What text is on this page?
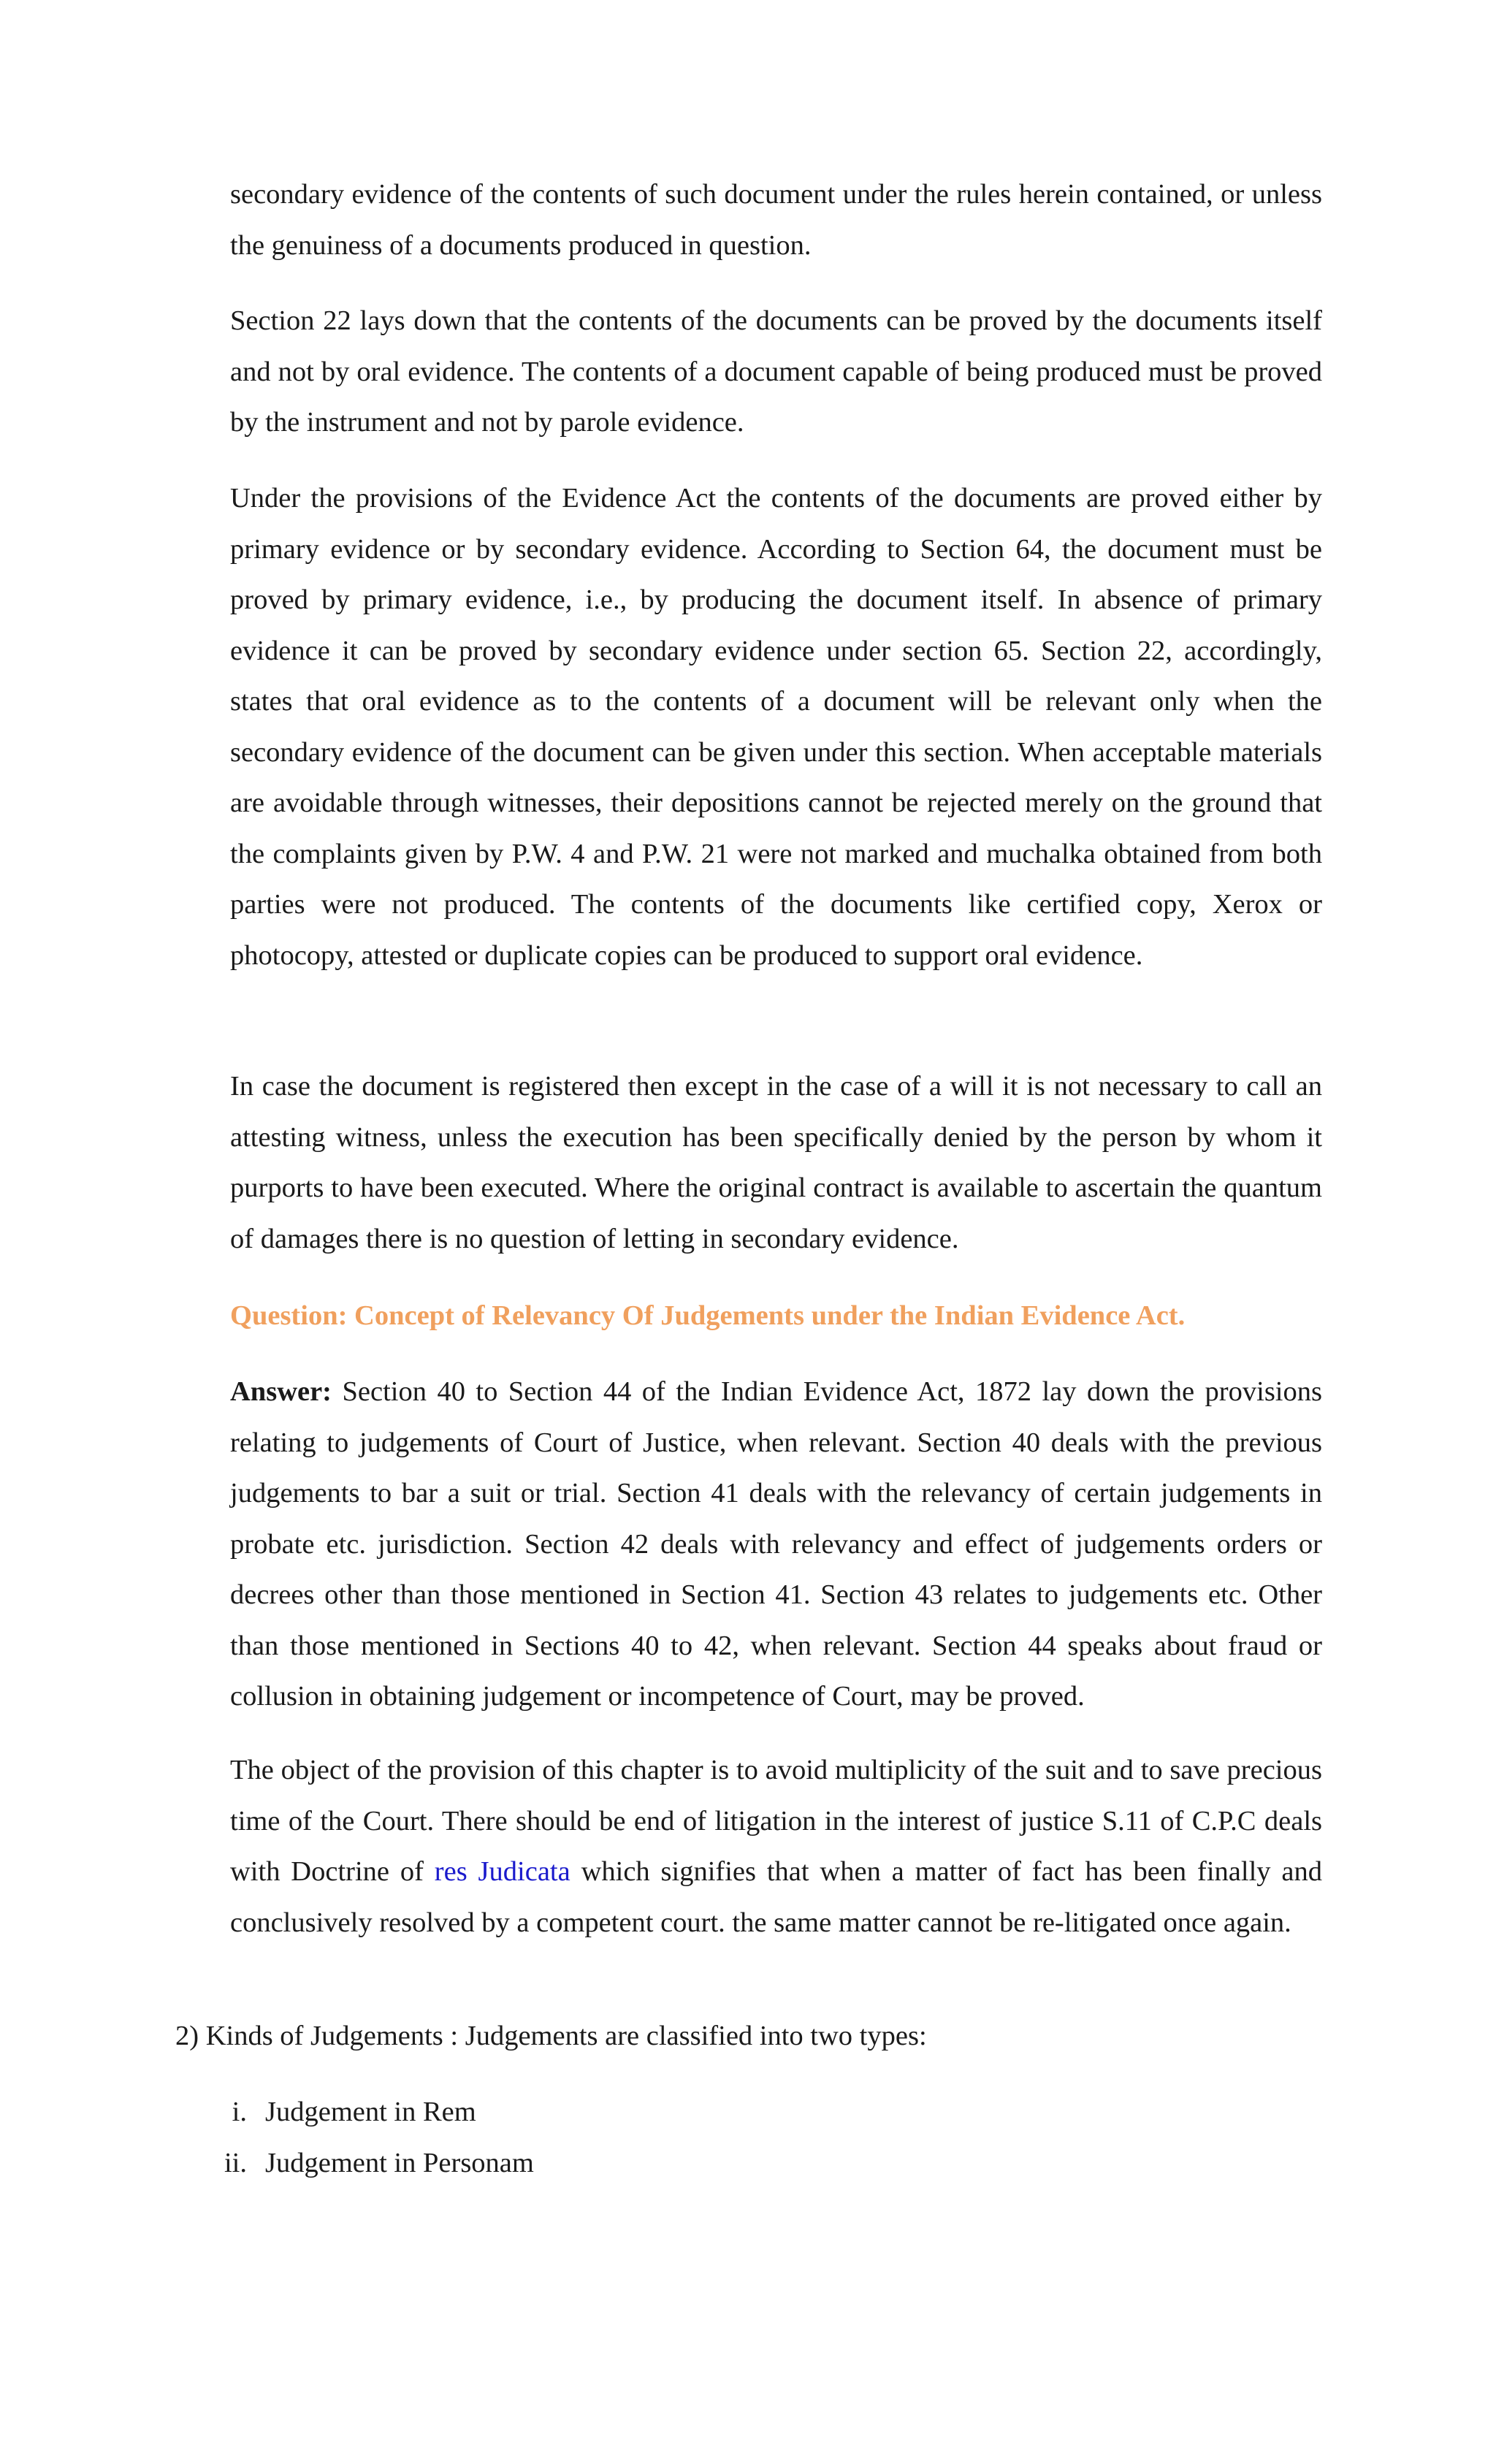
secondary evidence of the contents of such document under the rules herein contained, or unless the genuiness of a documents produced in question.

Section 22 lays down that the contents of the documents can be proved by the documents itself and not by oral evidence. The contents of a document capable of being produced must be proved by the instrument and not by parole evidence.

Under the provisions of the Evidence Act the contents of the documents are proved either by primary evidence or by secondary evidence. According to Section 64, the document must be proved by primary evidence, i.e., by producing the document itself. In absence of primary evidence it can be proved by secondary evidence under section 65. Section 22, accordingly, states that oral evidence as to the contents of a document will be relevant only when the secondary evidence of the document can be given under this section. When acceptable materials are avoidable through witnesses, their depositions cannot be rejected merely on the ground that the complaints given by P.W. 4 and P.W. 21 were not marked and muchalka obtained from both parties were not produced. The contents of the documents like certified copy, Xerox or photocopy, attested or duplicate copies can be produced to support oral evidence.

In case the document is registered then except in the case of a will it is not necessary to call an attesting witness, unless the execution has been specifically denied by the person by whom it purports to have been executed. Where the original contract is available to ascertain the quantum of damages there is no question of letting in secondary evidence.

Question: Concept of Relevancy Of Judgements under the Indian Evidence Act.

Answer: Section 40 to Section 44 of the Indian Evidence Act, 1872 lay down the provisions relating to judgements of Court of Justice, when relevant. Section 40 deals with the previous judgements to bar a suit or trial. Section 41 deals with the relevancy of certain judgements in probate etc. jurisdiction. Section 42 deals with relevancy and effect of judgements orders or decrees other than those mentioned in Section 41. Section 43 relates to judgements etc. Other than those mentioned in Sections 40 to 42, when relevant. Section 44 speaks about fraud or collusion in obtaining judgement or incompetence of Court, may be proved.

The object of the provision of this chapter is to avoid multiplicity of the suit and to save precious time of the Court. There should be end of litigation in the interest of justice S.11 of C.P.C deals with Doctrine of res Judicata which signifies that when a matter of fact has been finally and conclusively resolved by a competent court. the same matter cannot be re-litigated once again.

2) Kinds of Judgements : Judgements are classified into two types:

i. Judgement in Rem
ii. Judgement in Personam
